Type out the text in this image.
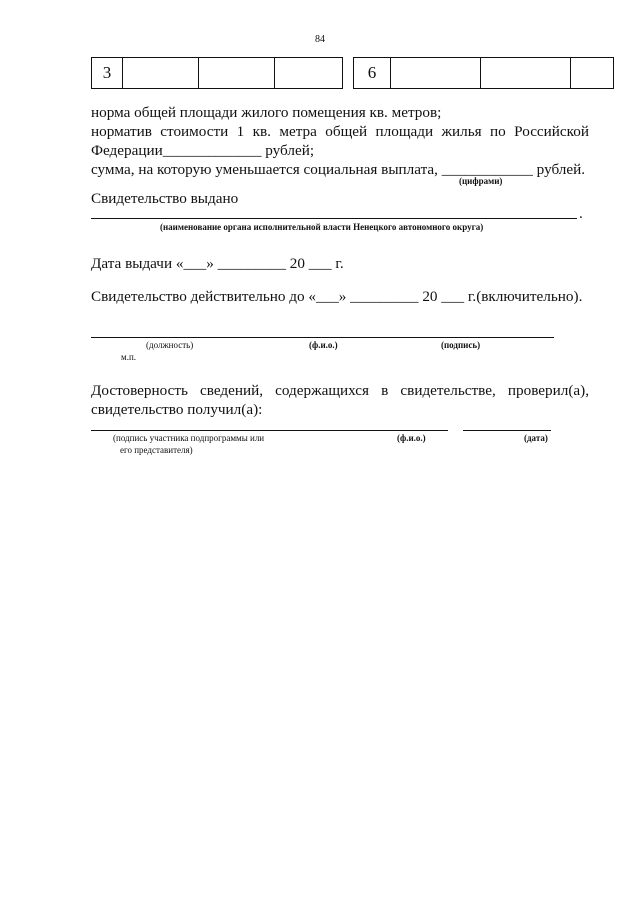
84
3	6
норма общей площади жилого помещения кв. метров;
норматив стоимости 1 кв. метра общей площади жилья по Российской
Федерации_____________ рублей;
сумма, на которую уменьшается социальная выплата, ____________ рублей.
(цифрами)
Свидетельство выдано
.
(наименование органа исполнительной власти Ненецкого автономного округа)
Дата выдачи «___» _________ 20 ___ г.
Свидетельство действительно до «___» _________ 20 ___ г.(включительно).
(должность)	(ф.и.о.)	(подпись)
м.п.
Достоверность сведений, содержащихся в свидетельстве, проверил(а),
свидетельство получил(а):
(подпись участника подпрограммы или
его представителя)
(ф.и.о.)	(дата)
